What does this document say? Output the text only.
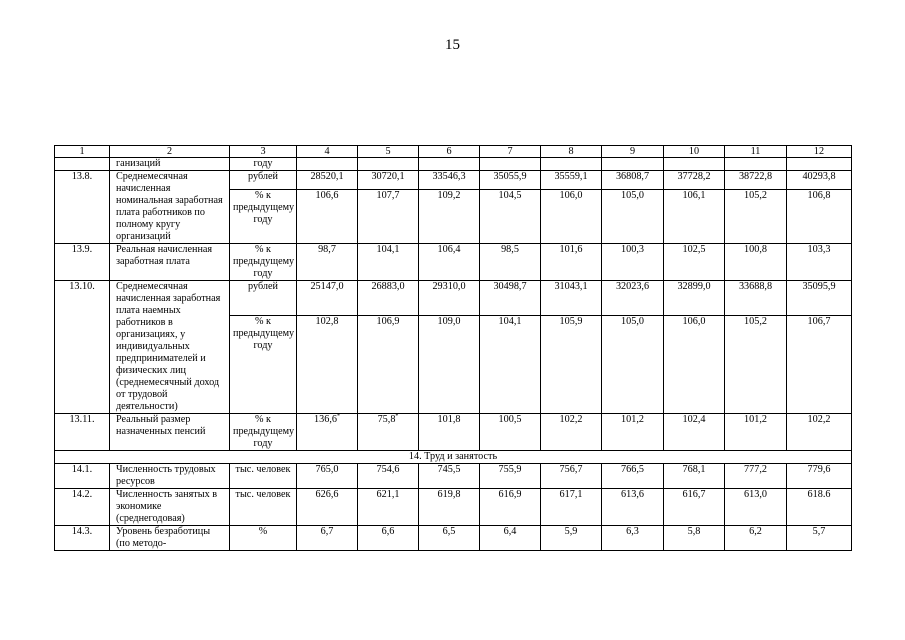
15
1	2	3	4	5	6	7	8	9	10	11	12
	ганизаций	году									
13.8.	Среднемесячная начисленная номинальная заработная плата работников по полному кругу организаций	рублей	28520,1	30720,1	33546,3	35055,9	35559,1	36808,7	37728,2	38722,8	40293,8
		% к предыдущему году	106,6	107,7	109,2	104,5	106,0	105,0	106,1	105,2	106,8
13.9.	Реальная начисленная заработная плата	% к предыдущему году	98,7	104,1	106,4	98,5	101,6	100,3	102,5	100,8	103,3
13.10.	Среднемесячная начисленная заработная плата наемных работников в организациях, у индивидуальных предпринимателей и физических лиц (среднемесячный доход от трудовой деятельности)	рублей	25147,0	26883,0	29310,0	30498,7	31043,1	32023,6	32899,0	33688,8	35095,9
		% к предыдущему году	102,8	106,9	109,0	104,1	105,9	105,0	106,0	105,2	106,7
13.11.	Реальный размер назначенных пенсий	% к предыдущему году	136,6*	75,8*	101,8	100,5	102,2	101,2	102,4	101,2	102,2
14. Труд и занятость											
14.1.	Численность трудовых ресурсов	тыс. человек	765,0	754,6	745,5	755,9	756,7	766,5	768,1	777,2	779,6
14.2.	Численность занятых в экономике (среднегодовая)	тыс. человек	626,6	621,1	619,8	616,9	617,1	613,6	616,7	613,0	618.6
14.3.	Уровень безработицы (по методо-	%	6,7	6,6	6,5	6,4	5,9	6,3	5,8	6,2	5,7
